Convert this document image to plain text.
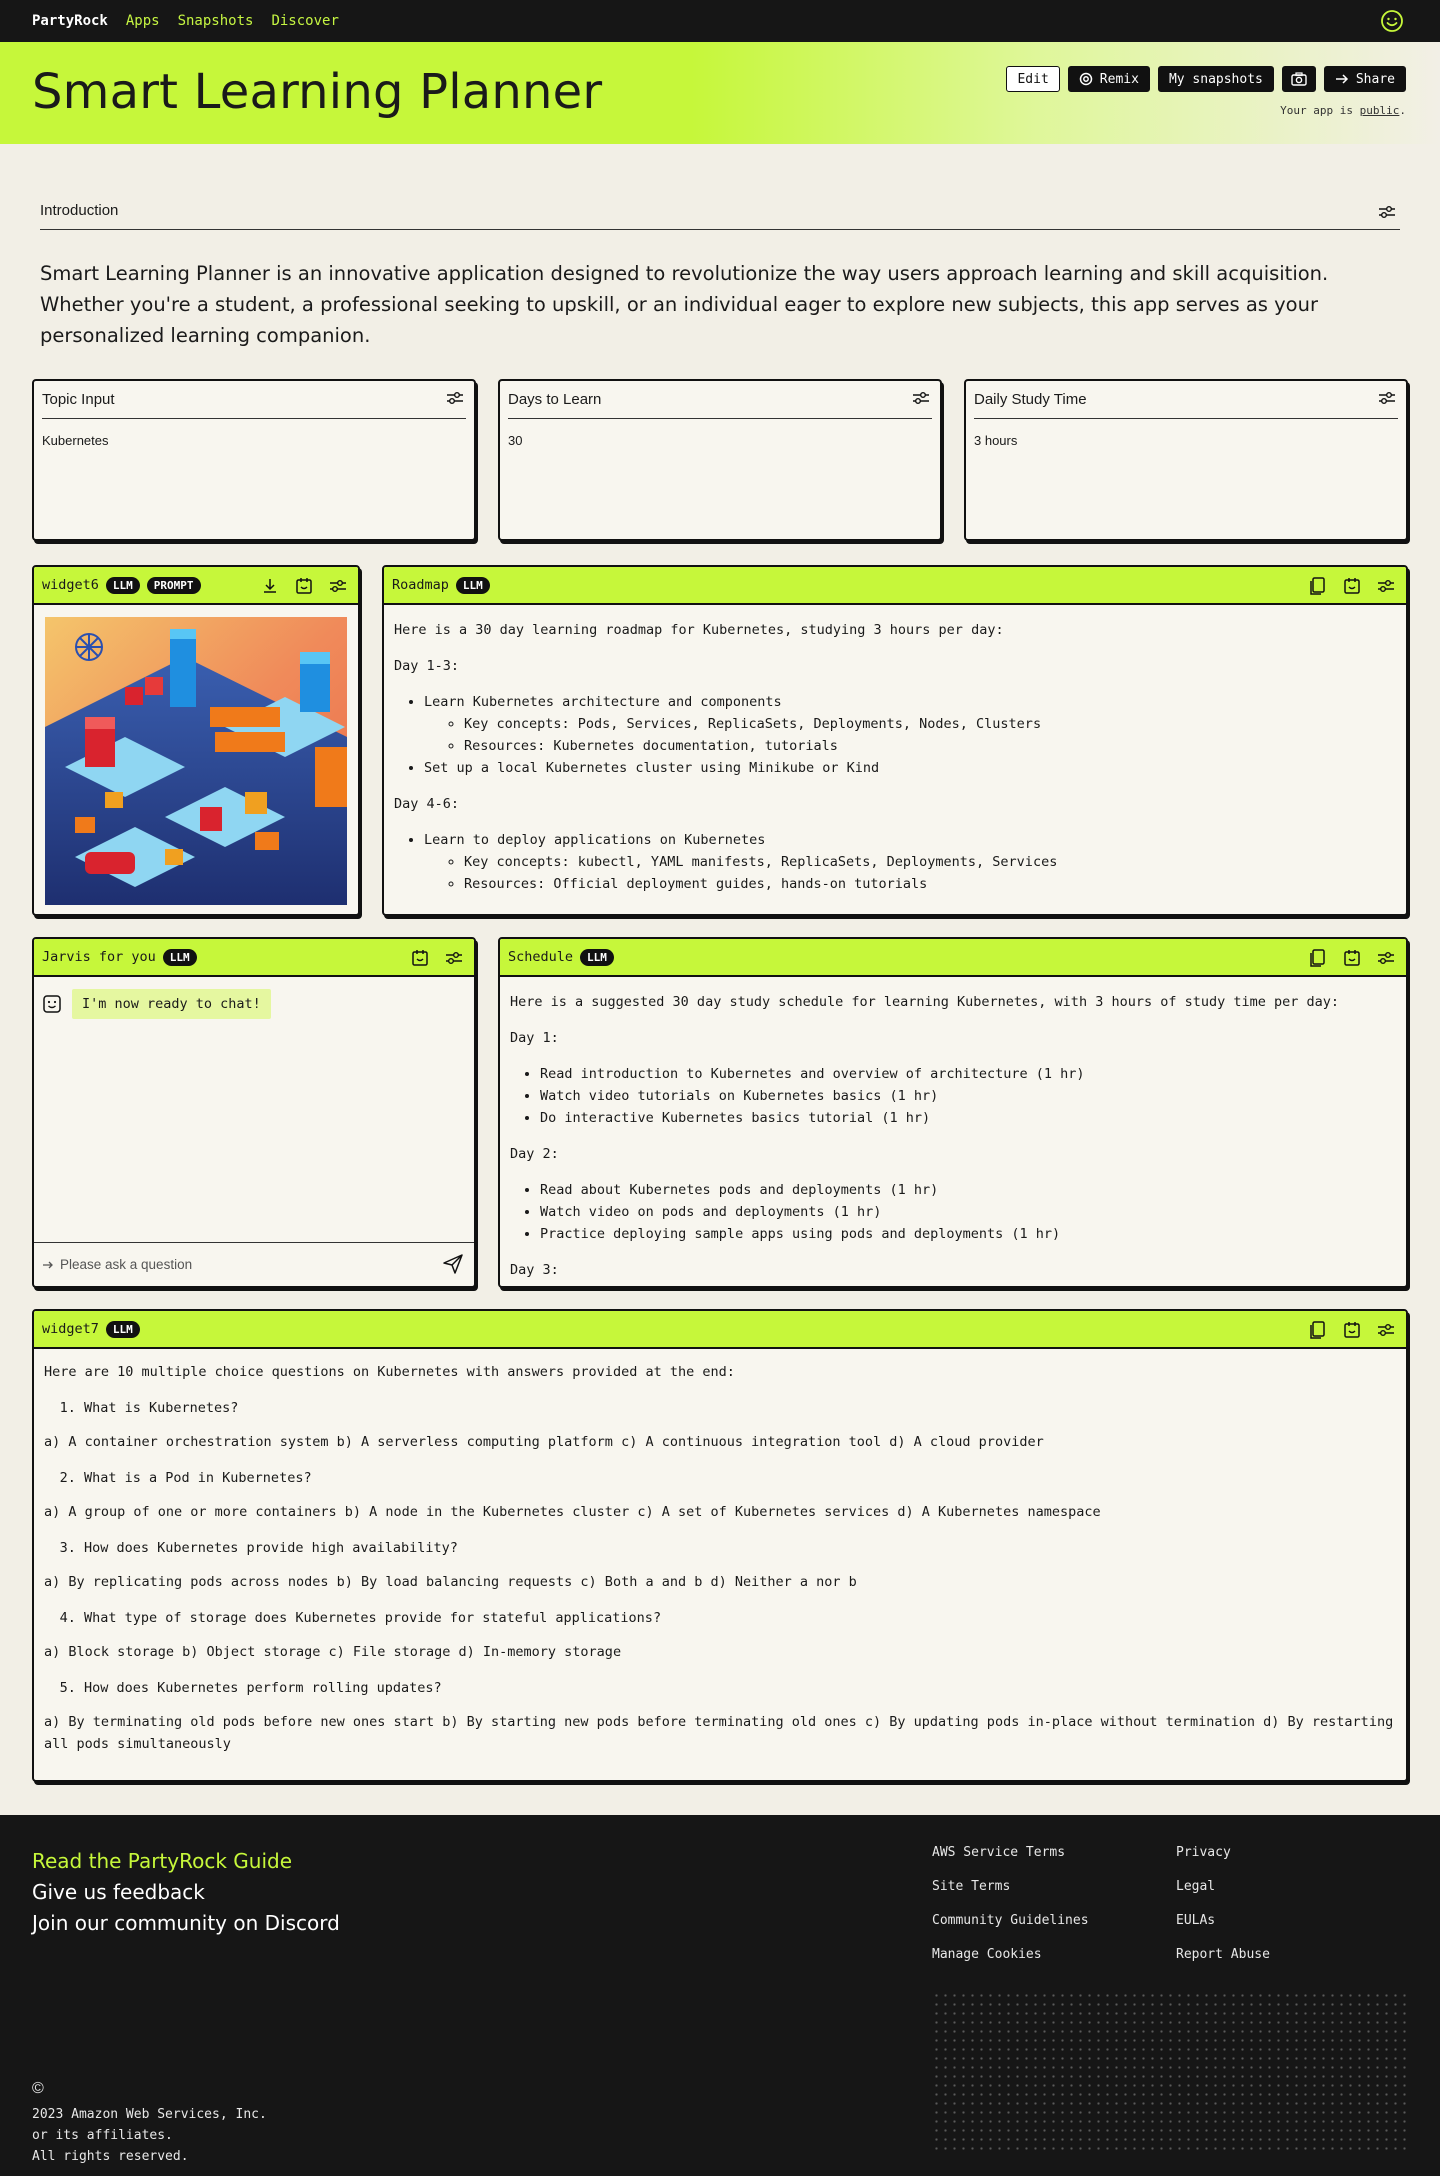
PartyRock Apps Snapshots Discover
Smart Learning Planner	Edit	Remix	My snapshots	Share
Your app is public.
Introduction

Smart Learning Planner is an innovative application designed to revolutionize the way users approach learning and skill acquisition. Whether you're a student, a professional seeking to upskill, or an individual eager to explore new subjects, this app serves as your personalized learning companion.

Topic Input
Kubernetes
Days to Learn
30
Daily Study Time
3 hours
widget6	LLM	PROMPT	Roadmap	LLM

Here is a 30 day learning roadmap for Kubernetes, studying 3 hours per day:

Day 1-3:

• Learn Kubernetes architecture and components
◦ Key concepts: Pods, Services, ReplicaSets, Deployments, Nodes, Clusters
◦ Resources: Kubernetes documentation, tutorials
• Set up a local Kubernetes cluster using Minikube or Kind

Day 4-6:

• Learn to deploy applications on Kubernetes
◦ Key concepts: kubectl, YAML manifests, ReplicaSets, Deployments, Services
◦ Resources: Official deployment guides, hands-on tutorials
Jarvis for you	LLM
I'm now ready to chat!
Please ask a question
Schedule	LLM

Here is a suggested 30 day study schedule for learning Kubernetes, with 3 hours of study time per day:

Day 1:

• Read introduction to Kubernetes and overview of architecture (1 hr)
• Watch video tutorials on Kubernetes basics (1 hr)
• Do interactive Kubernetes basics tutorial (1 hr)

Day 2:

• Read about Kubernetes pods and deployments (1 hr)
• Watch video on pods and deployments (1 hr)
• Practice deploying sample apps using pods and deployments (1 hr)

Day 3:

widget7	LLM

Here are 10 multiple choice questions on Kubernetes with answers provided at the end:

1. What is Kubernetes?

a) A container orchestration system b) A serverless computing platform c) A continuous integration tool d) A cloud provider

2. What is a Pod in Kubernetes?

a) A group of one or more containers b) A node in the Kubernetes cluster c) A set of Kubernetes services d) A Kubernetes namespace

3. How does Kubernetes provide high availability?

a) By replicating pods across nodes b) By load balancing requests c) Both a and b d) Neither a nor b

4. What type of storage does Kubernetes provide for stateful applications?

a) Block storage b) Object storage c) File storage d) In-memory storage

5. How does Kubernetes perform rolling updates?

a) By terminating old pods before new ones start b) By starting new pods before terminating old ones c) By updating pods in-place without termination d) By restarting all pods simultaneously

Read the PartyRock Guide
Give us feedback
Join our community on Discord
AWS Service Terms
Site Terms
Community Guidelines
Manage Cookies
Privacy
Legal
EULAs
Report Abuse
©
2023 Amazon Web Services, Inc.
or its affiliates.
All rights reserved.
